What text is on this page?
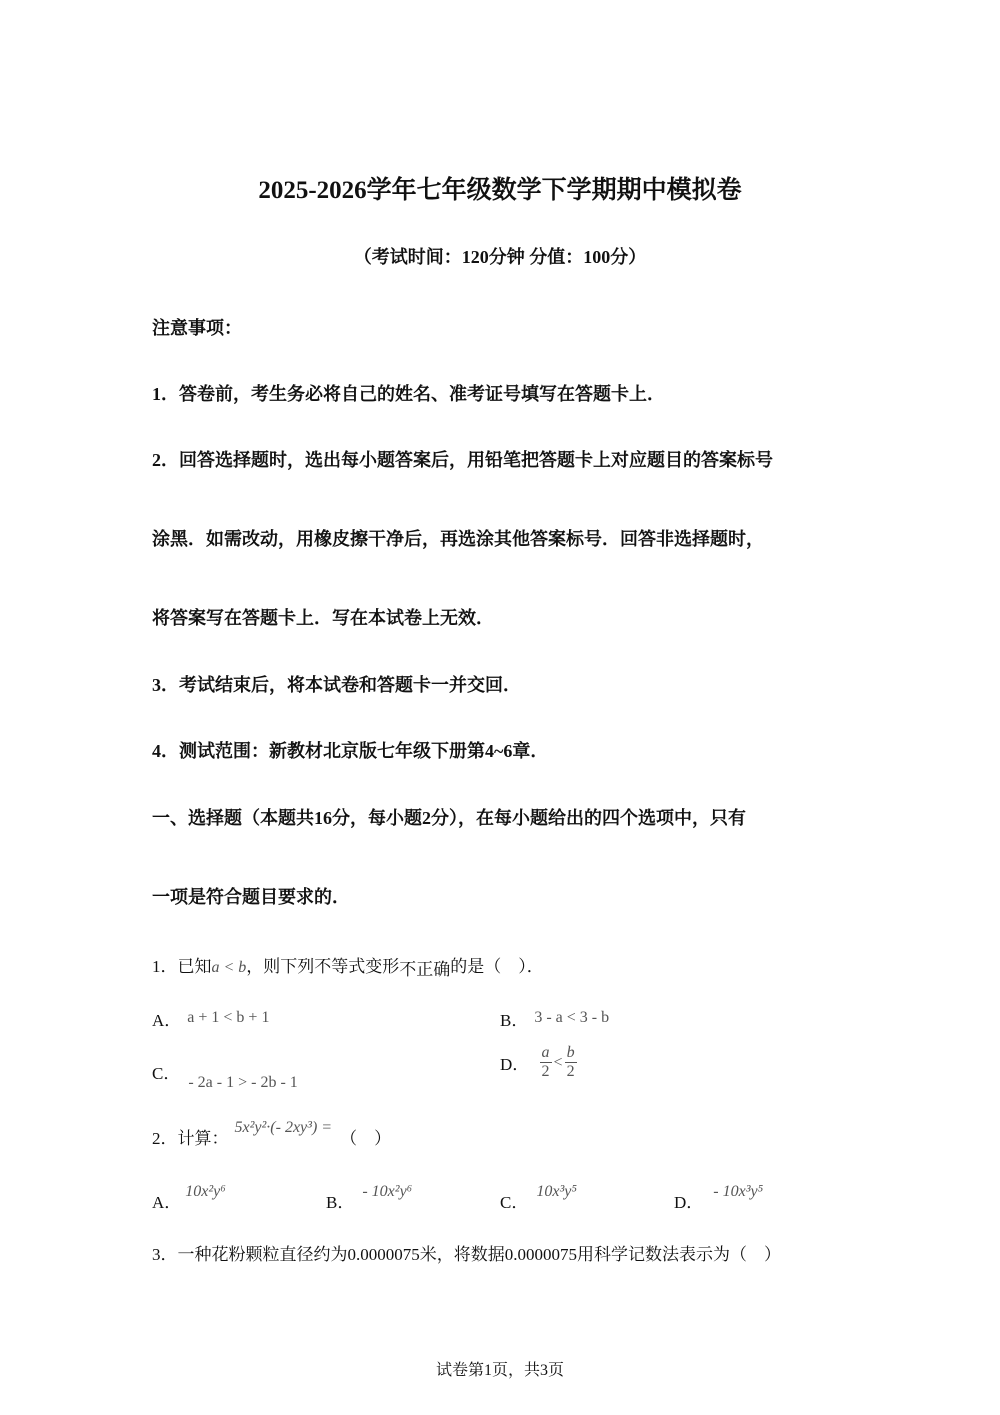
2025-2026学年七年级数学下学期期中模拟卷
（考试时间：120分钟 分值：100分）
注意事项：
1．答卷前，考生务必将自己的姓名、准考证号填写在答题卡上．
2．回答选择题时，选出每小题答案后，用铅笔把答题卡上对应题目的答案标号
涂黑．如需改动，用橡皮擦干净后，再选涂其他答案标号．回答非选择题时，
将答案写在答题卡上．写在本试卷上无效．
3．考试结束后，将本试卷和答题卡一并交回．
4．测试范围：新教材北京版七年级下册第4~6章．
一、选择题（本题共16分，每小题2分），在每小题给出的四个选项中，只有
一项是符合题目要求的．
1．已知a < b，则下列不等式变形不正确的是（　）．
A． a + 1 < b + 1	B． 3 - a < 3 - b
C． - 2a - 1 > - 2b - 1
D． $\frac{a}{2} < \frac{b}{2}$
2．计算：5x²y²·(- 2xy³) =（　）
A．10x²y⁶
B．- 10x²y⁶
C．10x³y⁵
D．- 10x³y⁵
3．一种花粉颗粒直径约为0.0000075米，将数据0.0000075用科学记数法表示为（　）
试卷第1页，共3页
